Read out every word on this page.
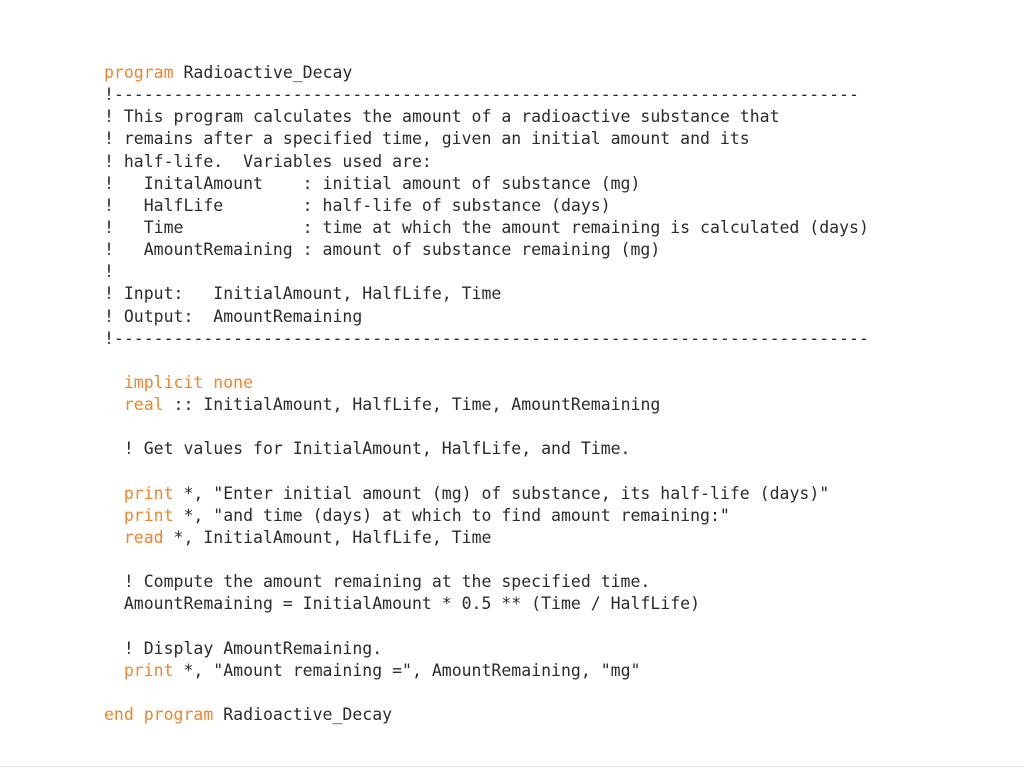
program Radioactive_Decay
!---------------------------------------------------------------------------
! This program calculates the amount of a radioactive substance that
! remains after a specified time, given an initial amount and its
! half-life.  Variables used are:
!   InitalAmount    : initial amount of substance (mg)
!   HalfLife        : half-life of substance (days)
!   Time            : time at which the amount remaining is calculated (days)
!   AmountRemaining : amount of substance remaining (mg)
!
! Input:   InitialAmount, HalfLife, Time
! Output:  AmountRemaining
!----------------------------------------------------------------------------
implicit none
real :: InitialAmount, HalfLife, Time, AmountRemaining
! Get values for InitialAmount, HalfLife, and Time.
print *, "Enter initial amount (mg) of substance, its half-life (days)"
print *, "and time (days) at which to find amount remaining:"
read *, InitialAmount, HalfLife, Time
! Compute the amount remaining at the specified time.
AmountRemaining = InitialAmount * 0.5 ** (Time / HalfLife)
! Display AmountRemaining.
print *, "Amount remaining =", AmountRemaining, "mg"
end program Radioactive_Decay
